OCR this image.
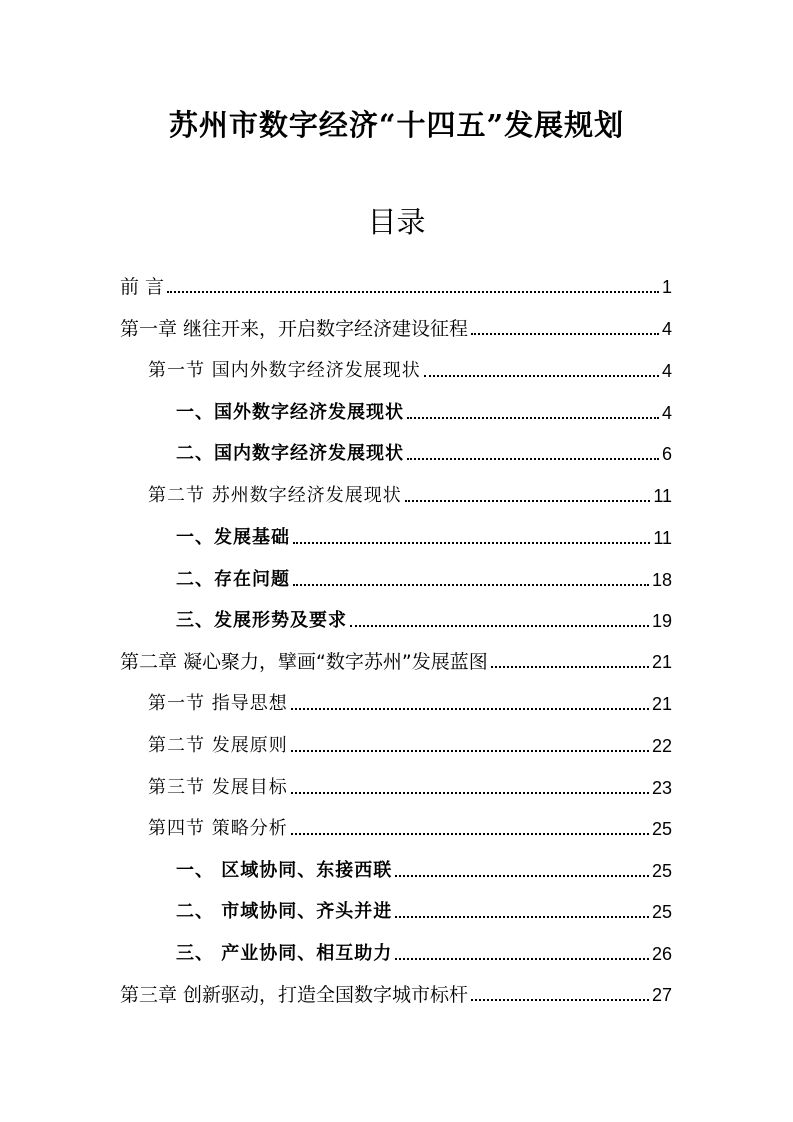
苏州市数字经济“十四五”发展规划
目录
前 言	1
第一章 继往开来，开启数字经济建设征程	4
第一节 国内外数字经济发展现状	4
一、国外数字经济发展现状	4
二、国内数字经济发展现状	6
第二节 苏州数字经济发展现状	11
一、发展基础	11
二、存在问题	18
三、发展形势及要求	19
第二章 凝心聚力，擘画“数字苏州”发展蓝图	21
第一节 指导思想	21
第二节 发展原则	22
第三节 发展目标	23
第四节 策略分析	25
一、 区域协同、东接西联	25
二、 市域协同、齐头并进	25
三、 产业协同、相互助力	26
第三章 创新驱动，打造全国数字城市标杆	27
